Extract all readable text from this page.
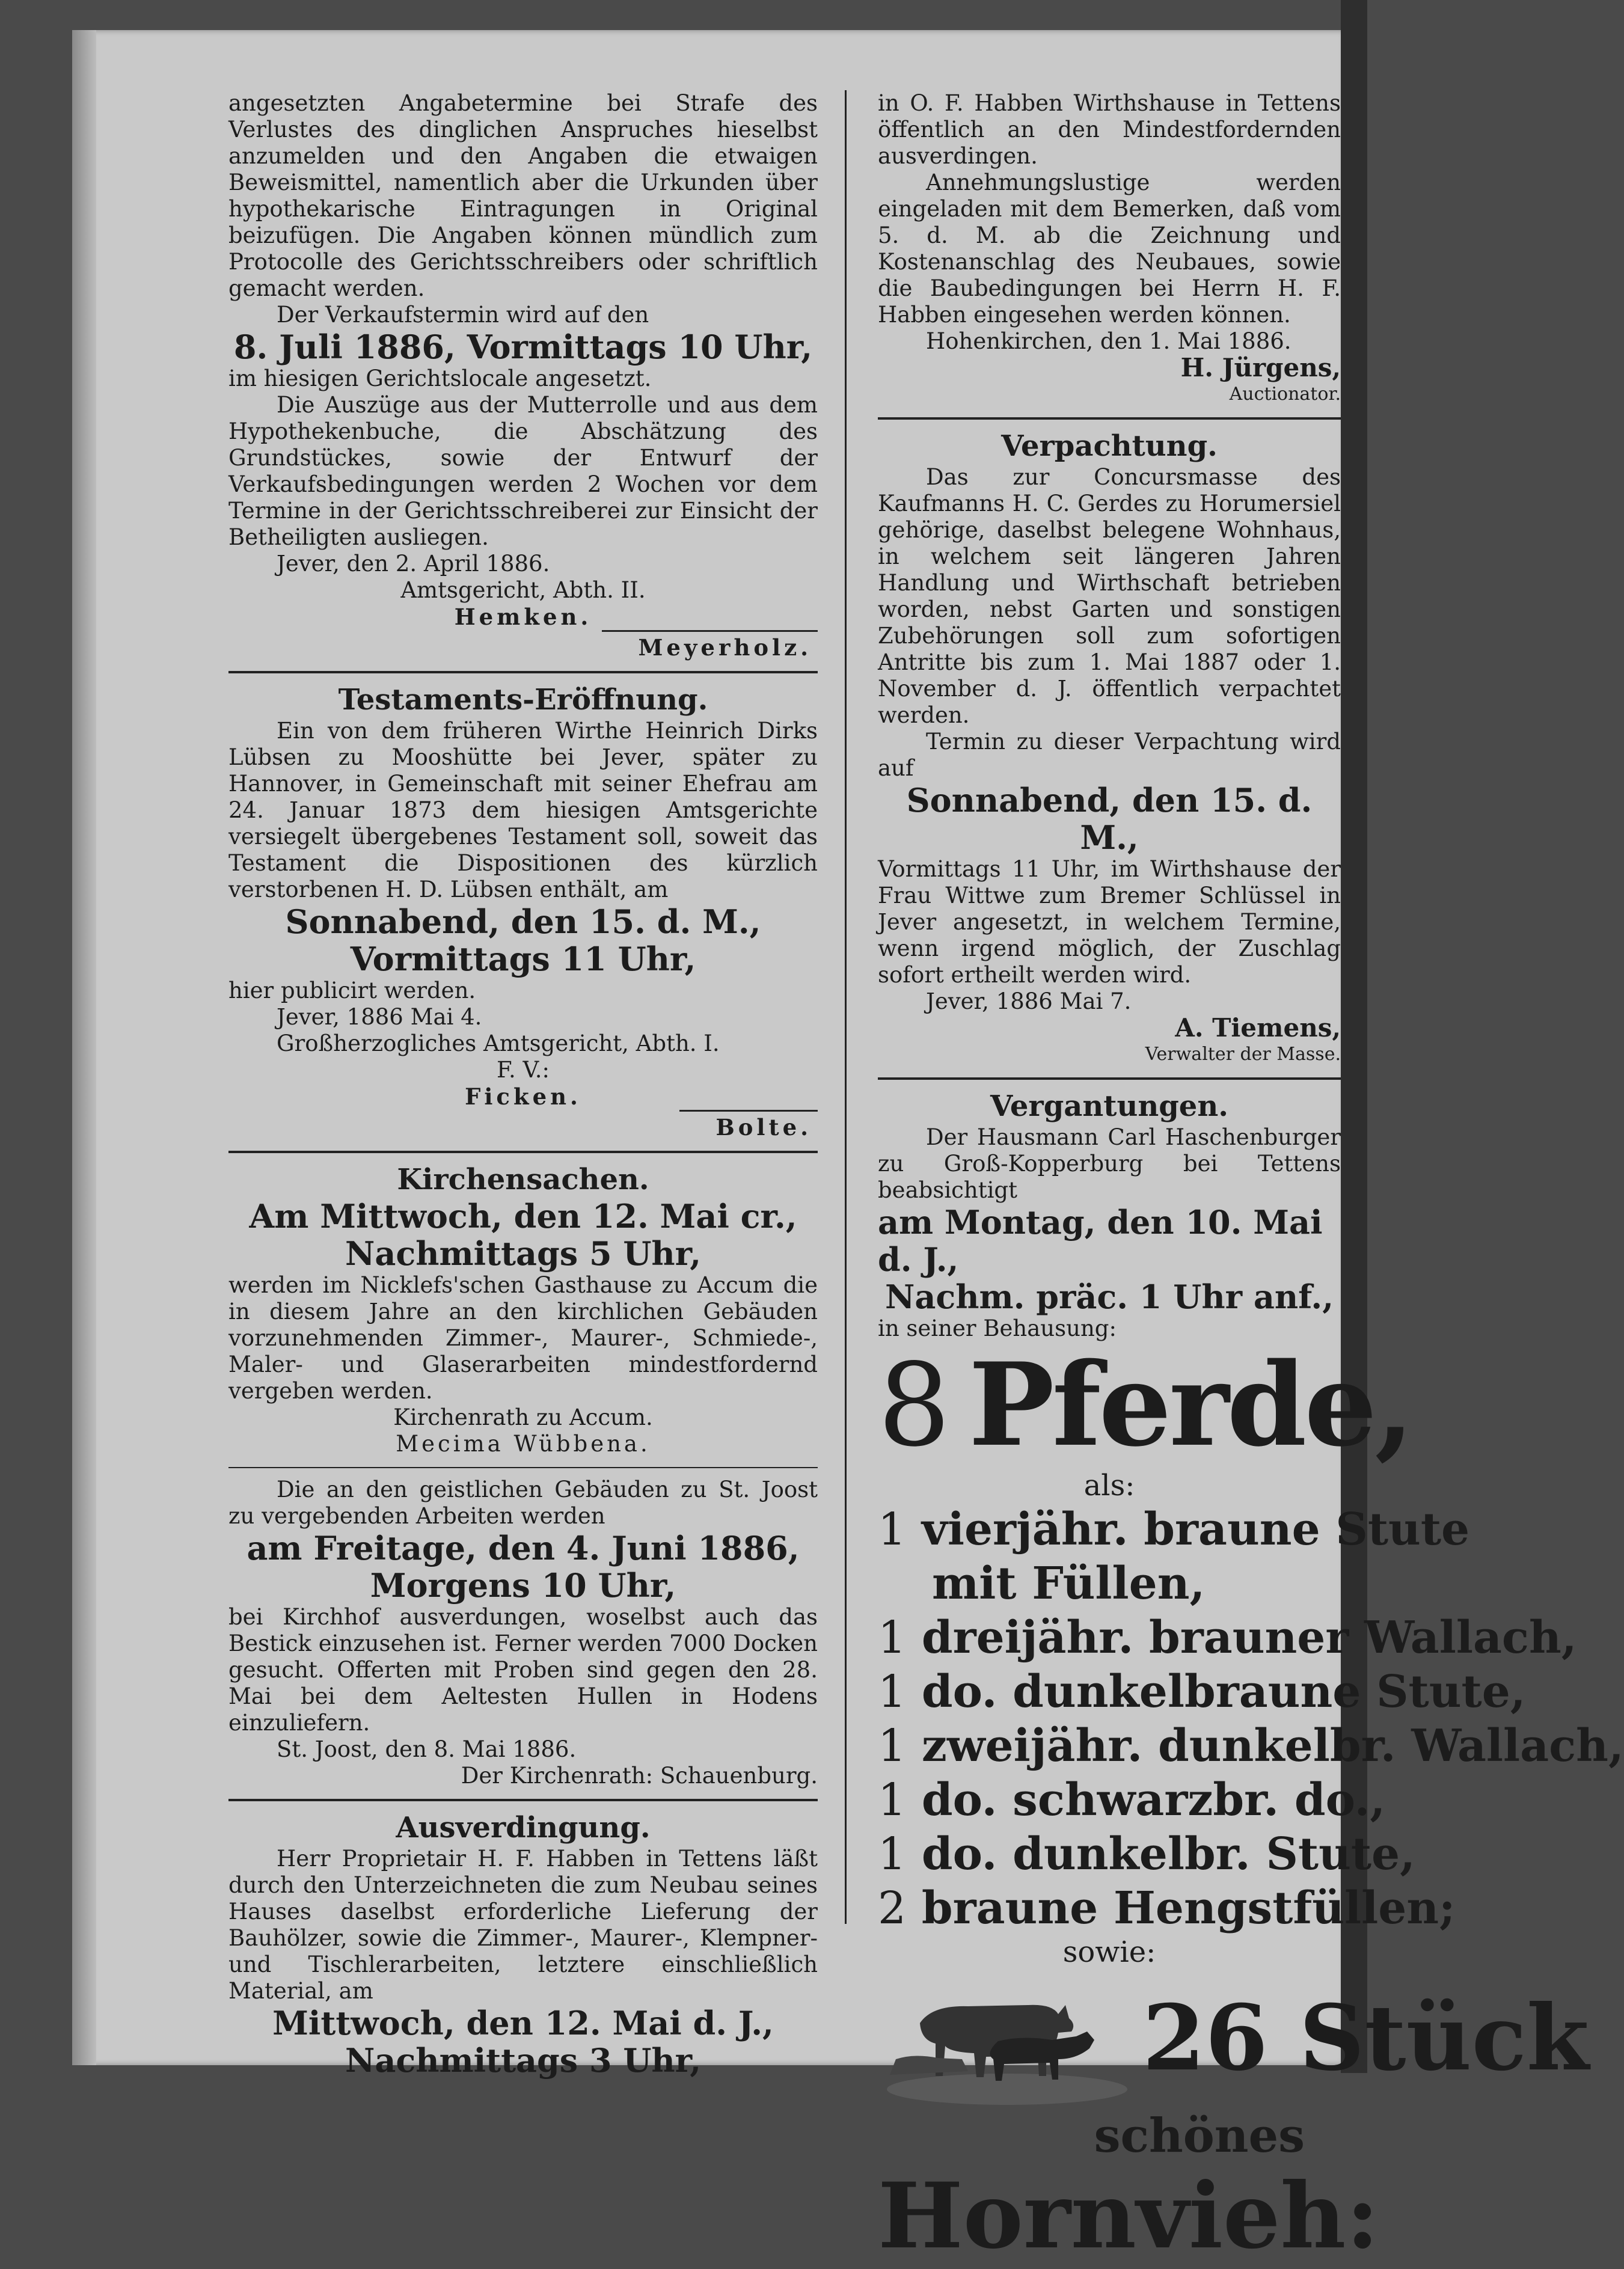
angesetzten Angabetermine bei Strafe des Verlustes des dinglichen Anspruches hieselbst anzumelden und den Angaben die etwaigen Beweismittel, namentlich aber die Urkunden über hypothekarische Eintragungen in Original beizufügen. Die Angaben können mündlich zum Protocolle des Gerichtsschreibers oder schriftlich gemacht werden.

Der Verkaufstermin wird auf den

8. Juli 1886, Vormittags 10 Uhr,

im hiesigen Gerichtslocale angesetzt.

Die Auszüge aus der Mutterrolle und aus dem Hypothekenbuche, die Abschätzung des Grundstückes, sowie der Entwurf der Verkaufsbedingungen werden 2 Wochen vor dem Termine in der Gerichtsschreiberei zur Einsicht der Betheiligten ausliegen.

Jever, den 2. April 1886.

Amtsgericht, Abth. II.

Hemken.

Meyerholz.

Testaments-Eröffnung.

Ein von dem früheren Wirthe Heinrich Dirks Lübsen zu Mooshütte bei Jever, später zu Hannover, in Gemeinschaft mit seiner Ehefrau am 24. Januar 1873 dem hiesigen Amtsgerichte versiegelt übergebenes Testament soll, soweit das Testament die Dispositionen des kürzlich verstorbenen H. D. Lübsen enthält, am

Sonnabend, den 15. d. M.,

Vormittags 11 Uhr,

hier publicirt werden.

Jever, 1886 Mai 4.

Großherzogliches Amtsgericht, Abth. I.

F. V.:

Ficken.

Bolte.

Kirchensachen.

Am Mittwoch, den 12. Mai cr.,

Nachmittags 5 Uhr,

werden im Nicklefs'schen Gasthause zu Accum die in diesem Jahre an den kirchlichen Gebäuden vorzunehmenden Zimmer-, Maurer-, Schmiede-, Maler- und Glaserarbeiten mindestfordernd vergeben werden.

Kirchenrath zu Accum.

Mecima Wübbena.

Die an den geistlichen Gebäuden zu St. Joost zu vergebenden Arbeiten werden

am Freitage, den 4. Juni 1886,

Morgens 10 Uhr,

bei Kirchhof ausverdungen, woselbst auch das Bestick einzusehen ist. Ferner werden 7000 Docken gesucht. Offerten mit Proben sind gegen den 28. Mai bei dem Aeltesten Hullen in Hodens einzuliefern.

St. Joost, den 8. Mai 1886.

Der Kirchenrath: Schauenburg.

Ausverdingung.

Herr Proprietair H. F. Habben in Tettens läßt durch den Unterzeichneten die zum Neubau seines Hauses daselbst erforderliche Lieferung der Bauhölzer, sowie die Zimmer-, Maurer-, Klempner- und Tischlerarbeiten, letztere einschließlich Material, am

Mittwoch, den 12. Mai d. J.,

Nachmittags 3 Uhr,

in O. F. Habben Wirthshause in Tettens öffentlich an den Mindestfordernden ausverdingen.

Annehmungslustige werden eingeladen mit dem Bemerken, daß vom 5. d. M. ab die Zeichnung und Kostenanschlag des Neubaues, sowie die Baubedingungen bei Herrn H. F. Habben eingesehen werden können.

Hohenkirchen, den 1. Mai 1886.

H. Jürgens,

Auctionator.

Verpachtung.

Das zur Concursmasse des Kaufmanns H. C. Gerdes zu Horumersiel gehörige, daselbst belegene Wohnhaus, in welchem seit längeren Jahren Handlung und Wirthschaft betrieben worden, nebst Garten und sonstigen Zubehörungen soll zum sofortigen Antritte bis zum 1. Mai 1887 oder 1. November d. J. öffentlich verpachtet werden.

Termin zu dieser Verpachtung wird auf

Sonnabend, den 15. d. M.,

Vormittags 11 Uhr, im Wirthshause der Frau Wittwe zum Bremer Schlüssel in Jever angesetzt, in welchem Termine, wenn irgend möglich, der Zuschlag sofort ertheilt werden wird.

Jever, 1886 Mai 7.

A. Tiemens,

Verwalter der Masse.

Vergantungen.

Der Hausmann Carl Haschenburger zu Groß-Kopperburg bei Tettens beabsichtigt

am Montag, den 10. Mai d. J.,

Nachm. präc. 1 Uhr anf.,

in seiner Behausung:

8 Pferde,

als:

1 vierjähr. braune Stute
mit Füllen,
1 dreijähr. brauner Wallach,
1 do. dunkelbraune Stute,
1 zweijähr. dunkelbr. Wallach,
1 do. schwarzbr. do.,
1 do. dunkelbr. Stute,
2 braune Hengstfüllen;

sowie:

26 Stück

schönes

Hornvieh:
